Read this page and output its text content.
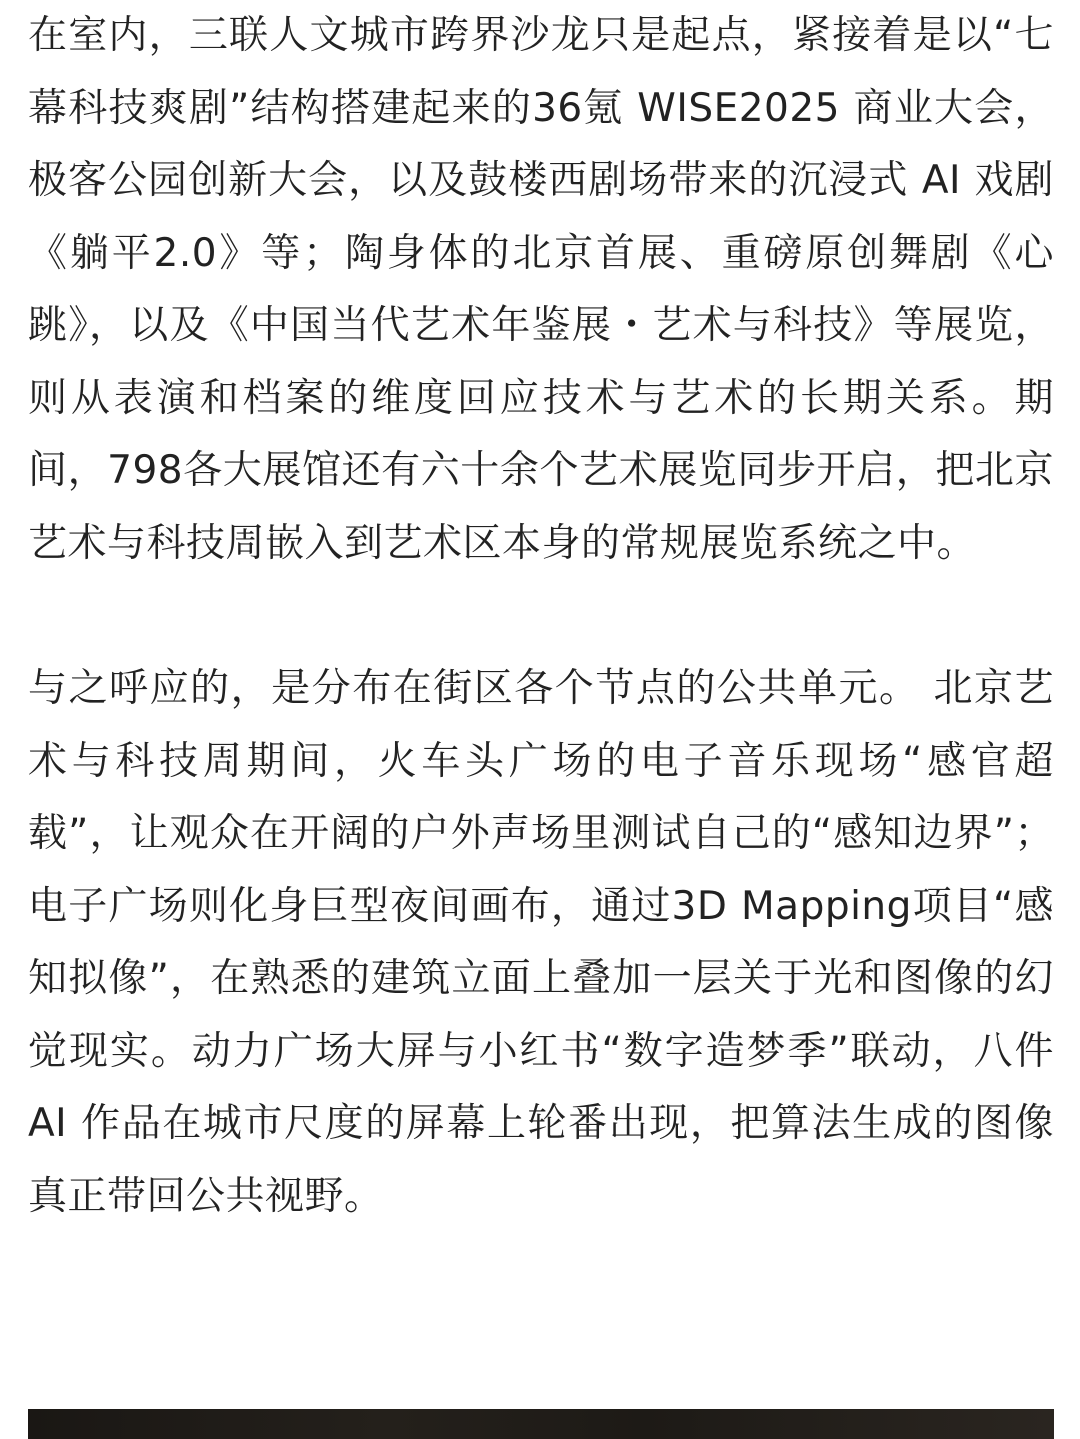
在室内，三联人文城市跨界沙龙只是起点，紧接着是以“七幕科技爽剧”结构搭建起来的36氪 WISE2025 商业大会，极客公园创新大会，以及鼓楼西剧场带来的沉浸式 AI 戏剧《躺平2.0》等；陶身体的北京首展、重磅原创舞剧《心跳》，以及《中国当代艺术年鉴展・艺术与科技》等展览，则从表演和档案的维度回应技术与艺术的长期关系。期间，798各大展馆还有六十余个艺术展览同步开启，把北京艺术与科技周嵌入到艺术区本身的常规展览系统之中。

与之呼应的，是分布在街区各个节点的公共单元。 北京艺术与科技周期间，火车头广场的电子音乐现场“感官超载”，让观众在开阔的户外声场里测试自己的“感知边界”；电子广场则化身巨型夜间画布，通过3D Mapping项目“感知拟像”，在熟悉的建筑立面上叠加一层关于光和图像的幻觉现实。动力广场大屏与小红书“数字造梦季”联动，八件 AI 作品在城市尺度的屏幕上轮番出现，把算法生成的图像真正带回公共视野。
